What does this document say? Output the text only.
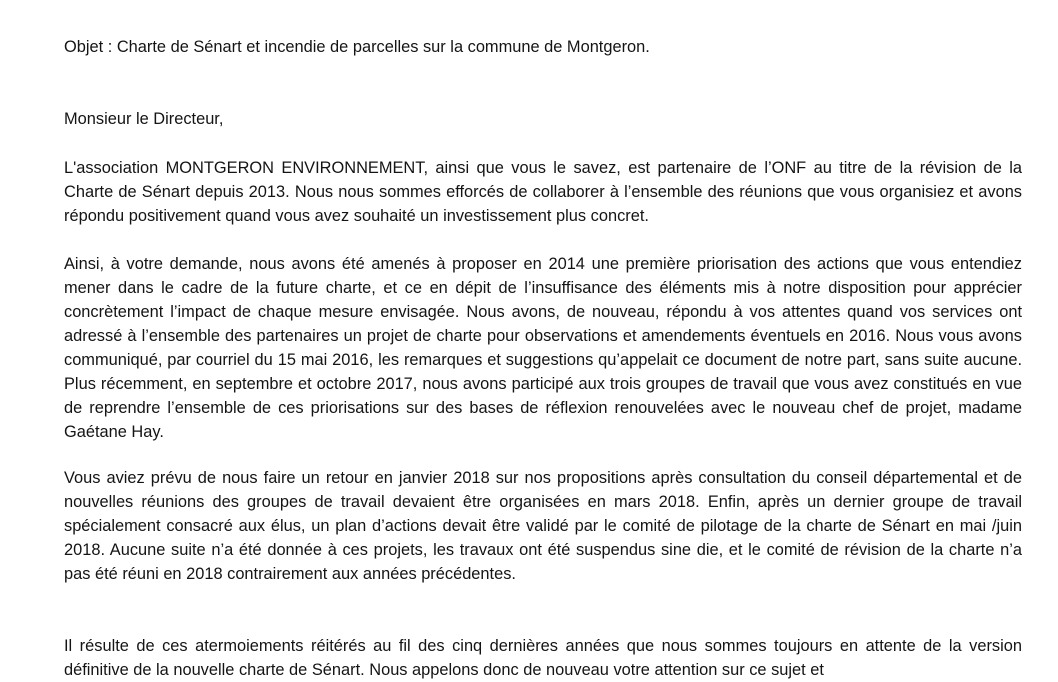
Objet : Charte de Sénart et incendie de parcelles sur la commune de Montgeron.
Monsieur le Directeur,

L'association MONTGERON ENVIRONNEMENT, ainsi que vous le savez, est partenaire de l’ONF au titre de la révision de la Charte de Sénart depuis 2013. Nous nous sommes efforcés de collaborer à l’ensemble des réunions que vous organisiez et avons répondu positivement quand vous avez souhaité un investissement plus concret.

Ainsi, à votre demande, nous avons été amenés à proposer en 2014 une première priorisation des actions que vous entendiez mener dans le cadre de la future charte, et ce en dépit de l’insuffisance des éléments mis à notre disposition pour apprécier concrètement l’impact de chaque mesure envisagée. Nous avons, de nouveau, répondu à vos attentes quand vos services ont adressé à l’ensemble des partenaires un projet de charte pour observations et amendements éventuels en 2016. Nous vous avons communiqué, par courriel du 15 mai 2016, les remarques et suggestions qu’appelait ce document de notre part, sans suite aucune. Plus récemment, en septembre et octobre 2017, nous avons participé aux trois groupes de travail que vous avez constitués en vue de reprendre l’ensemble de ces priorisations sur des bases de réflexion renouvelées avec le nouveau chef de projet, madame Gaétane Hay.

Vous aviez prévu de nous faire un retour en janvier 2018 sur nos propositions après consultation du conseil départemental et de nouvelles réunions des groupes de travail devaient être organisées en mars 2018. Enfin, après un dernier groupe de travail spécialement consacré aux élus, un plan d’actions devait être validé par le comité de pilotage de la charte de Sénart en mai /juin 2018. Aucune suite n’a été donnée à ces projets, les travaux ont été suspendus sine die, et le comité de révision de la charte n’a pas été réuni en 2018 contrairement aux années précédentes.

Il résulte de ces atermoiements réitérés au fil des cinq dernières années que nous sommes toujours en attente de la version définitive de la nouvelle charte de Sénart. Nous appelons donc de nouveau votre attention sur ce sujet et
